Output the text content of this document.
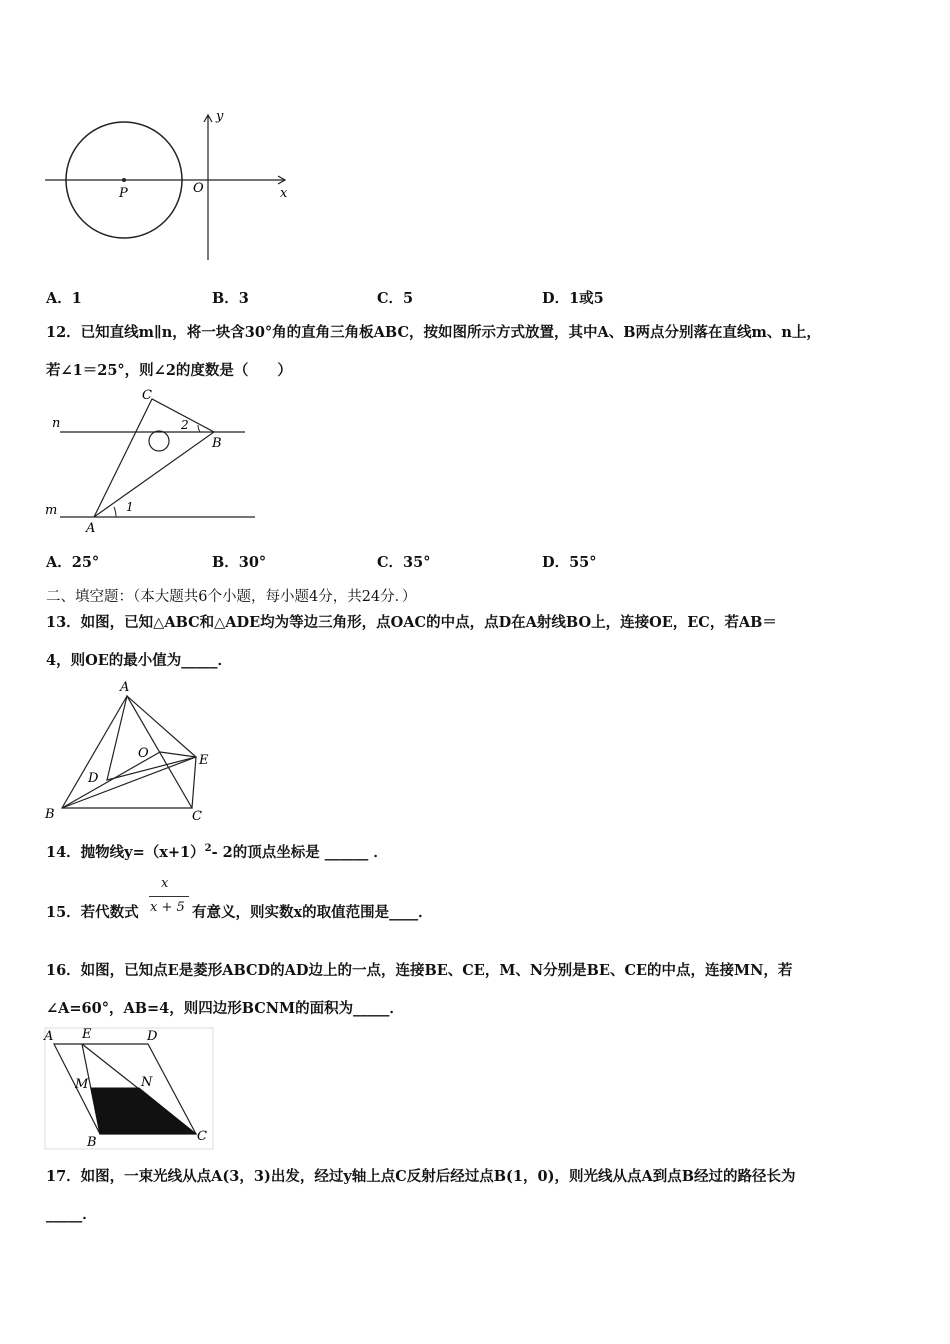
y
x
O
P
A．1	B．3	C．5	D．1或5
12．已知直线m∥n，将一块含30°角的直角三角板ABC，按如图所示方式放置，其中A、B两点分别落在直线m、n上，
若∠1＝25°，则∠2的度数是（　　）
n
m
C
B
A
1
2
A．25°	B．30°	C．35°	D．55°
二、填空题：（本大题共6个小题，每小题4分，共24分．）
13．如图，已知△ABC和△ADE均为等边三角形，点OAC的中点，点D在A射线BO上，连接OE，EC，若AB＝
4，则OE的最小值为_____．
A
B	C
D
E
O
14．抛物线$y=(x+1)^2-$ 2的顶点坐标是 ______ ．
15．若代数式
x
x + 5 有意义，则实数x的取值范围是____．
16．如图，已知点E是菱形ABCD的AD边上的一点，连接BE、CE，M、N分别是BE、CE的中点，连接MN，若
∠A=60°，AB=4，则四边形BCNM的面积为_____．
A E	D
M	N
B	C
17．如图，一束光线从点A(3，3)出发，经过y轴上点C反射后经过点B(1，0)，则光线从点A到点B经过的路径长为
_____．
